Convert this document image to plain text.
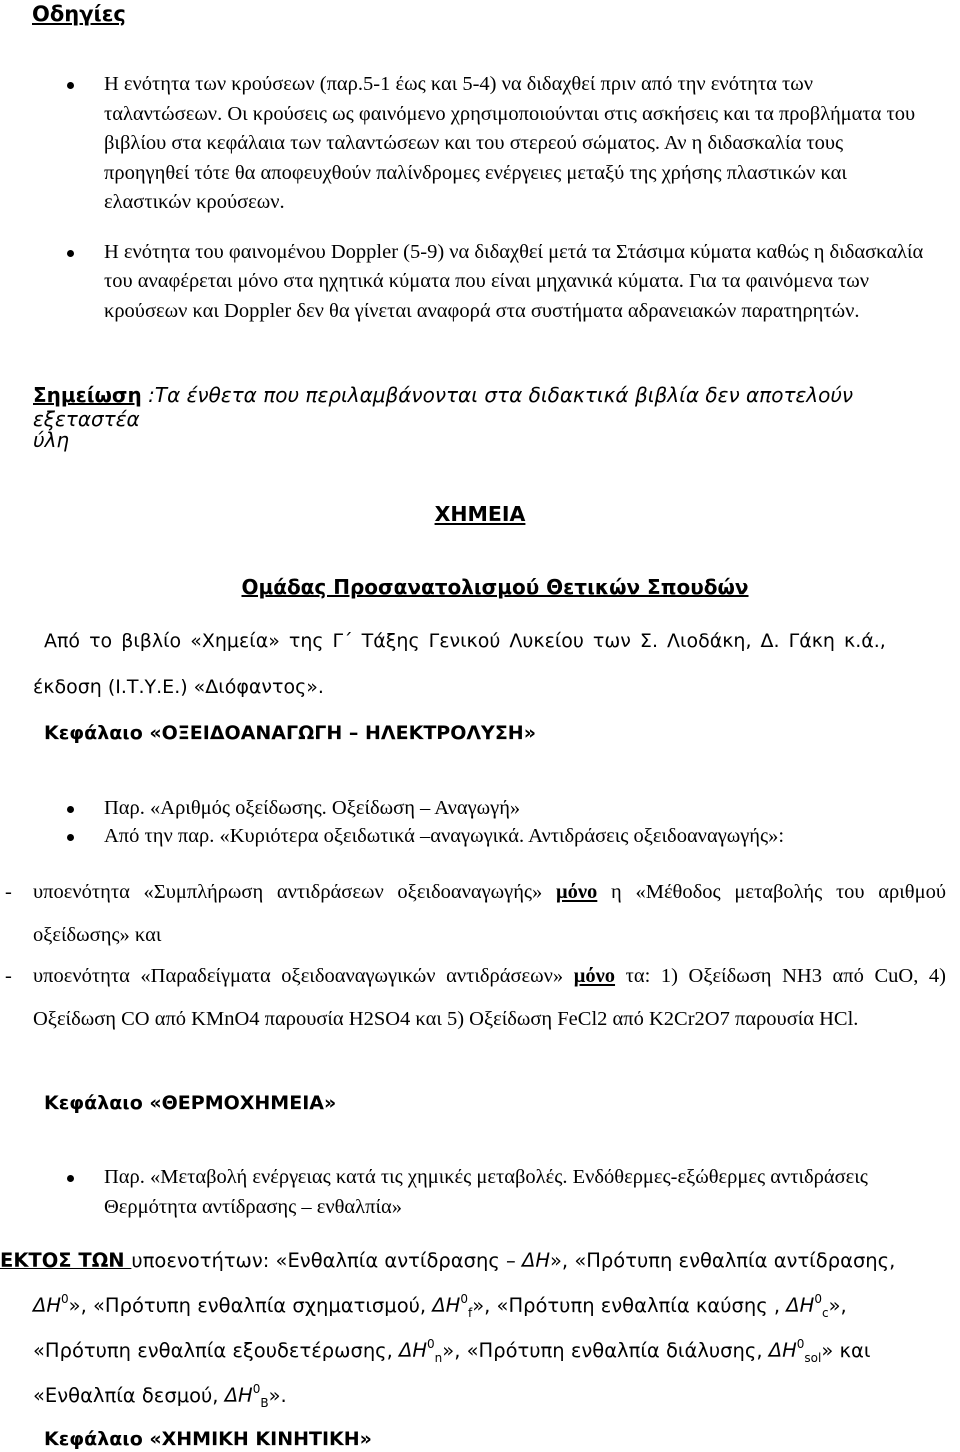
Οδηγίες
Η ενότητα των κρούσεων (παρ.5-1 έως και 5-4) να διδαχθεί πριν από την ενότητα των ταλαντώσεων. Οι κρούσεις ως φαινόμενο χρησιμοποιούνται στις ασκήσεις και τα προβλήματα του βιβλίου στα κεφάλαια των ταλαντώσεων και του στερεού σώματος. Αν η διδασκαλία τους προηγηθεί τότε θα αποφευχθούν παλίνδρομες ενέργειες μεταξύ της χρήσης πλαστικών και ελαστικών κρούσεων.
Η ενότητα του φαινομένου Doppler (5-9) να διδαχθεί μετά τα Στάσιμα κύματα καθώς η διδασκαλία του αναφέρεται μόνο στα ηχητικά κύματα που είναι μηχανικά κύματα. Για τα φαινόμενα των κρούσεων και Doppler δεν θα γίνεται αναφορά στα συστήματα αδρανειακών παρατηρητών.
Σημείωση :Τα ένθετα που περιλαμβάνονται στα διδακτικά βιβλία δεν αποτελούν εξεταστέα
ύλη
ΧΗΜΕΙΑ
Ομάδας Προσανατολισμού Θετικών Σπουδών
Από το βιβλίο «Χημεία» της Γ΄ Τάξης Γενικού Λυκείου των Σ. Λιοδάκη, Δ. Γάκη κ.ά.,
έκδοση (Ι.Τ.Υ.Ε.) «Διόφαντος».
Κεφάλαιο «ΟΞΕΙΔΟΑΝΑΓΩΓΗ – ΗΛΕΚΤΡΟΛΥΣΗ»
Παρ. «Αριθμός οξείδωσης. Οξείδωση – Αναγωγή»
Από την παρ. «Κυριότερα οξειδωτικά –αναγωγικά. Αντιδράσεις οξειδοαναγωγής»:
-	υποενότητα «Συμπλήρωση αντιδράσεων οξειδοαναγωγής» μόνο η «Μέθοδος μεταβολής του αριθμού οξείδωσης» και
-	υποενότητα «Παραδείγματα οξειδοαναγωγικών αντιδράσεων» μόνο τα: 1) Οξείδωση ΝΗ3 από CuO, 4) Οξείδωση CO από KMnO4 παρουσία H2SO4 και 5) Οξείδωση FeCl2 από K2Cr2O7 παρουσία HCl.
Κεφάλαιο «ΘΕΡΜΟΧΗΜΕΙΑ»
Παρ. «Μεταβολή ενέργειας κατά τις χημικές μεταβολές. Ενδόθερμες-εξώθερμες αντιδράσεις Θερμότητα αντίδρασης – ενθαλπία»
ΕΚΤΟΣ ΤΩΝ υποενοτήτων: «Ενθαλπία αντίδρασης – ΔΗ», «Πρότυπη ενθαλπία αντίδρασης,
$\Delta H^0$», «Πρότυπη ενθαλπία σχηματισμού, $\Delta H^0_f$», «Πρότυπη ενθαλπία καύσης , $\Delta H^0_c$»,
«Πρότυπη ενθαλπία εξουδετέρωσης, $\Delta H^0_n$», «Πρότυπη ενθαλπία διάλυσης, $\Delta H^0_{sol}$» και
«Ενθαλπία δεσμού, $\Delta H^0_B$».
Κεφάλαιο «ΧΗΜΙΚΗ ΚΙΝΗΤΙΚΗ»
